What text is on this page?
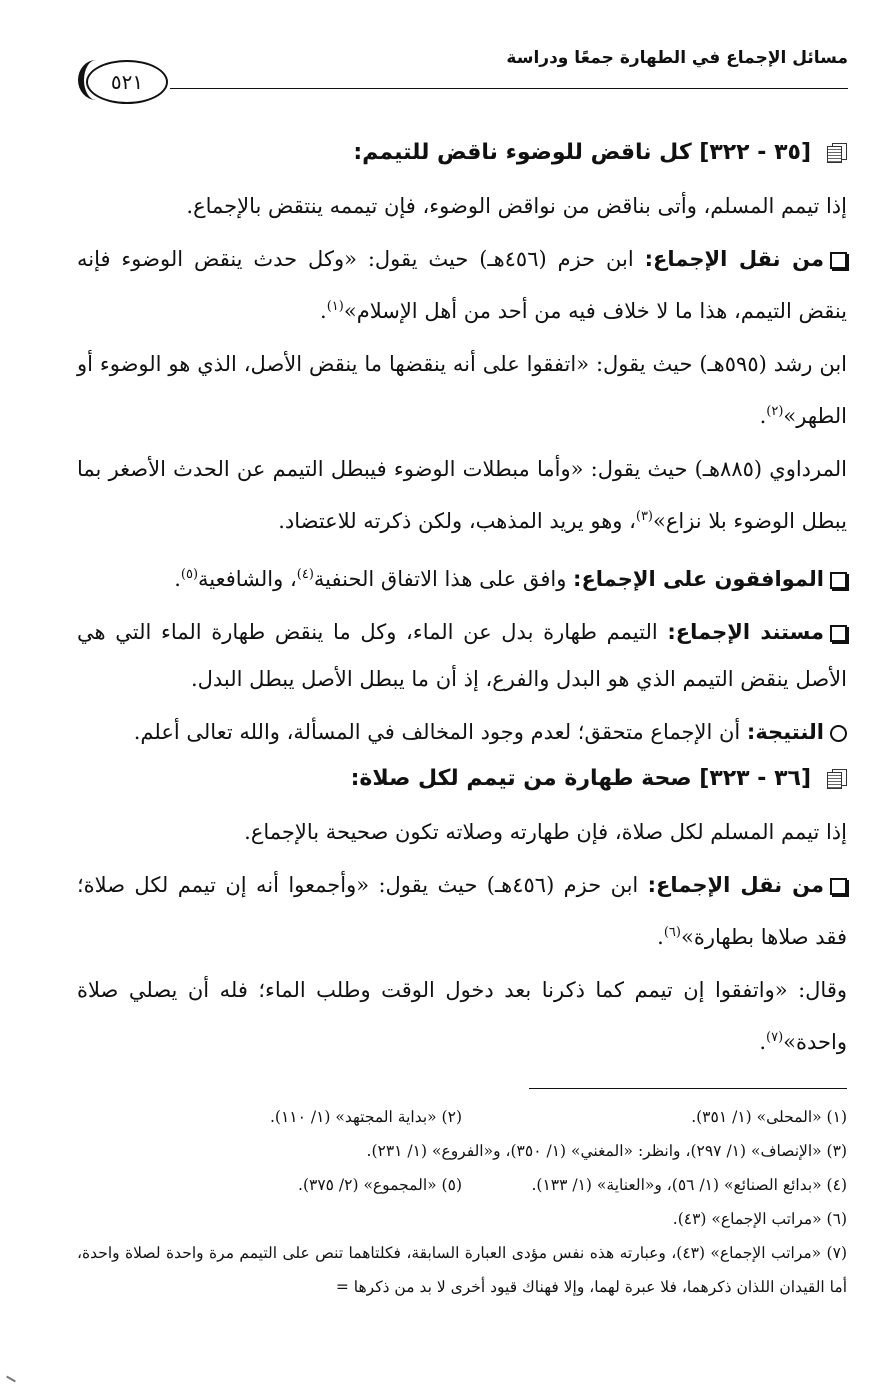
مسائل الإجماع في الطهارة جمعًا ودراسة
٥٢١
[٣٥ - ٣٢٢] كل ناقض للوضوء ناقض للتيمم:

إذا تيمم المسلم، وأتى بناقض من نواقض الوضوء، فإن تيممه ينتقض بالإجماع.

من نقل الإجماع: ابن حزم (٤٥٦هـ) حيث يقول: «وكل حدث ينقض الوضوء فإنه ينقض التيمم، هذا ما لا خلاف فيه من أحد من أهل الإسلام»$^{(١)}$.

ابن رشد (٥٩٥هـ) حيث يقول: «اتفقوا على أنه ينقضها ما ينقض الأصل، الذي هو الوضوء أو الطهر»$^{(٢)}$.

المرداوي (٨٨٥هـ) حيث يقول: «وأما مبطلات الوضوء فيبطل التيمم عن الحدث الأصغر بما يبطل الوضوء بلا نزاع»$^{(٣)}$، وهو يريد المذهب، ولكن ذكرته للاعتضاد.

الموافقون على الإجماع: وافق على هذا الاتفاق الحنفية$^{(٤)}$، والشافعية$^{(٥)}$.

مستند الإجماع: التيمم طهارة بدل عن الماء، وكل ما ينقض طهارة الماء التي هي الأصل ينقض التيمم الذي هو البدل والفرع، إذ أن ما يبطل الأصل يبطل البدل.

النتيجة: أن الإجماع متحقق؛ لعدم وجود المخالف في المسألة، والله تعالى أعلم.

[٣٦ - ٣٢٣] صحة طهارة من تيمم لكل صلاة:

إذا تيمم المسلم لكل صلاة، فإن طهارته وصلاته تكون صحيحة بالإجماع.

من نقل الإجماع: ابن حزم (٤٥٦هـ) حيث يقول: «وأجمعوا أنه إن تيمم لكل صلاة؛ فقد صلاها بطهارة»$^{(٦)}$.

وقال: «واتفقوا إن تيمم كما ذكرنا بعد دخول الوقت وطلب الماء؛ فله أن يصلي صلاة واحدة»$^{(٧)}$.

(١) «المحلى» (١/ ٣٥١).
(٢) «بداية المجتهد» (١/ ١١٠).

(٣) «الإنصاف» (١/ ٢٩٧)، وانظر: «المغني» (١/ ٣٥٠)، و«الفروع» (١/ ٢٣١).

(٤) «بدائع الصنائع» (١/ ٥٦)، و«العناية» (١/ ١٣٣).
(٥) «المجموع» (٢/ ٣٧٥).

(٦) «مراتب الإجماع» (٤٣).

(٧) «مراتب الإجماع» (٤٣)، وعبارته هذه نفس مؤدى العبارة السابقة، فكلتاهما تنص على التيمم مرة واحدة لصلاة واحدة، أما القيدان اللذان ذكرهما، فلا عبرة لهما، وإلا فهناك قيود أخرى لا بد من ذكرها =
